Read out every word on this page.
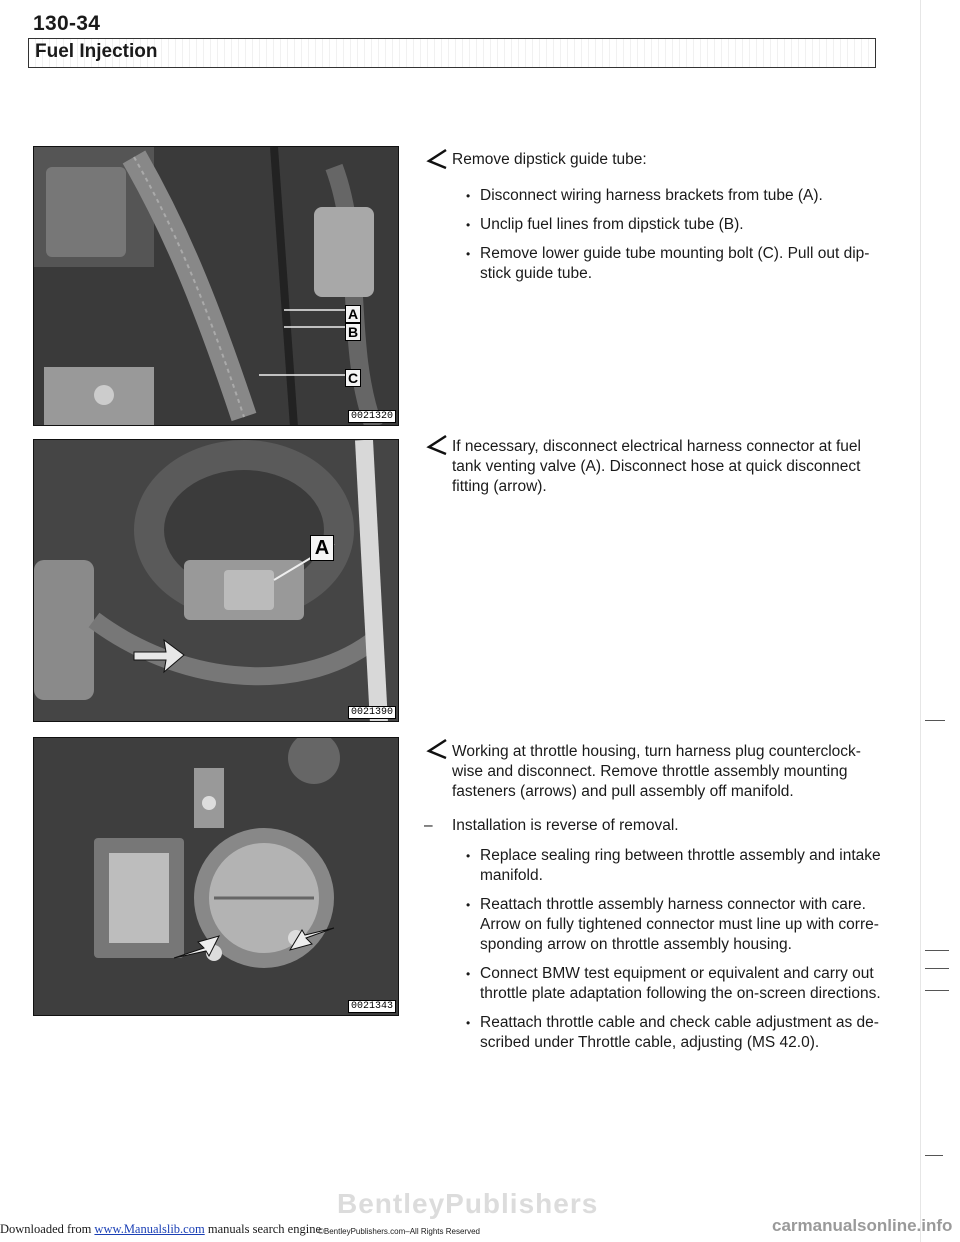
130-34
Fuel Injection
A
B
C
0021320
A
0021390
0021343
Remove dipstick guide tube:
• Disconnect wiring harness brackets from tube (A).
• Unclip fuel lines from dipstick tube (B).
• Remove lower guide tube mounting bolt (C). Pull out dip-
stick guide tube.
If necessary, disconnect electrical harness connector at fuel
tank venting valve (A). Disconnect hose at quick disconnect
fitting (arrow).
Working at throttle housing, turn harness plug counterclock-
wise and disconnect. Remove throttle assembly mounting
fasteners (arrows) and pull assembly off manifold.
– Installation is reverse of removal.
• Replace sealing ring between throttle assembly and intake
manifold.
• Reattach throttle assembly harness connector with care.
Arrow on fully tightened connector must line up with corre-
sponding arrow on throttle assembly housing.
• Connect BMW test equipment or equivalent and carry out
throttle plate adaptation following the on-screen directions.
• Reattach throttle cable and check cable adjustment as de-
scribed under Throttle cable, adjusting (MS 42.0).
BentleyPublishers
Downloaded from www.Manualslib.com manuals search engine
©BentleyPublishers.com–All Rights Reserved	carmanualsonline.info
